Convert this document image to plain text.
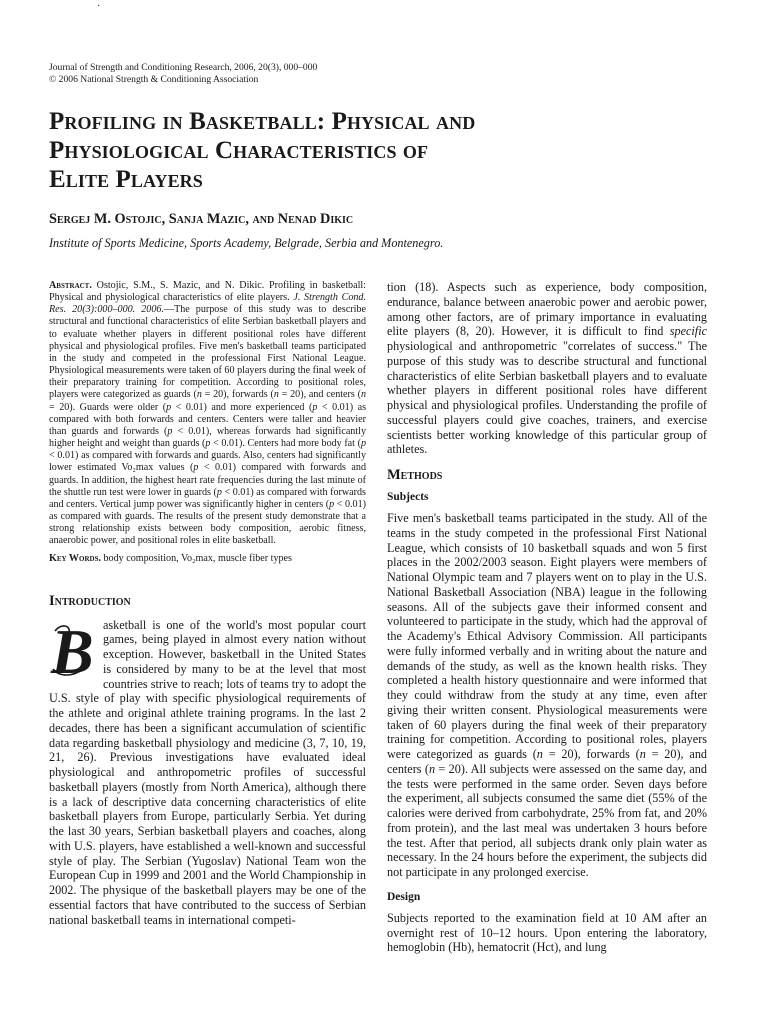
·
Journal of Strength and Conditioning Research, 2006, 20(3), 000–000
© 2006 National Strength & Conditioning Association
Profiling in Basketball: Physical and
Physiological Characteristics of
Elite Players
Sergej M. Ostojic, Sanja Mazic, and Nenad Dikic
Institute of Sports Medicine, Sports Academy, Belgrade, Serbia and Montenegro.

Abstract. Ostojic, S.M., S. Mazic, and N. Dikic. Profiling in basketball: Physical and physiological characteristics of elite players. J. Strength Cond. Res. 20(3):000–000. 2006.—The purpose of this study was to describe structural and functional characteristics of elite Serbian basketball players and to evaluate whether players in different positional roles have different physical and physiological profiles. Five men's basketball teams participated in the study and competed in the professional First National League. Physiological measurements were taken of 60 players during the final week of their preparatory training for competition. According to positional roles, players were categorized as guards (n = 20), forwards (n = 20), and centers (n = 20). Guards were older (p < 0.01) and more experienced (p < 0.01) as compared with both forwards and centers. Centers were taller and heavier than guards and forwards (p < 0.01), whereas forwards had significantly higher height and weight than guards (p < 0.01). Centers had more body fat (p < 0.01) as compared with forwards and guards. Also, centers had significantly lower estimated Vo₂max values (p < 0.01) compared with forwards and guards. In addition, the highest heart rate frequencies during the last minute of the shuttle run test were lower in guards (p < 0.01) as compared with forwards and centers. Vertical jump power was significantly higher in centers (p < 0.01) as compared with guards. The results of the present study demonstrate that a strong relationship exists between body composition, aerobic fitness, anaerobic power, and positional roles in elite basketball.

Key Words. body composition, Vo₂max, muscle fiber types

Introduction

B asketball is one of the world's most popular court games, being played in almost every nation without exception. However, basketball in the United States is considered by many to be at the level that most countries strive to reach; lots of teams try to adopt the U.S. style of play with specific physiological requirements of the athlete and original athlete training programs. In the last 2 decades, there has been a significant accumulation of scientific data regarding basketball physiology and medicine (3, 7, 10, 19, 21, 26). Previous investigations have evaluated ideal physiological and anthropometric profiles of successful basketball players (mostly from North America), although there is a lack of descriptive data concerning characteristics of elite basketball players from Europe, particularly Serbia. Yet during the last 30 years, Serbian basketball players and coaches, along with U.S. players, have established a well-known and successful style of play. The Serbian (Yugoslav) National Team won the European Cup in 1999 and 2001 and the World Championship in 2002. The physique of the basketball players may be one of the essential factors that have contributed to the success of Serbian national basketball teams in international competi-

tion (18). Aspects such as experience, body composition, endurance, balance between anaerobic power and aerobic power, among other factors, are of primary importance in evaluating elite players (8, 20). However, it is difficult to find specific physiological and anthropometric "correlates of success." The purpose of this study was to describe structural and functional characteristics of elite Serbian basketball players and to evaluate whether players in different positional roles have different physical and physiological profiles. Understanding the profile of successful players could give coaches, trainers, and exercise scientists better working knowledge of this particular group of athletes.

Methods
Subjects

Five men's basketball teams participated in the study. All of the teams in the study competed in the professional First National League, which consists of 10 basketball squads and won 5 first places in the 2002/2003 season. Eight players were members of National Olympic team and 7 players went on to play in the U.S. National Basketball Association (NBA) league in the following seasons. All of the subjects gave their informed consent and volunteered to participate in the study, which had the approval of the Academy's Ethical Advisory Commission. All participants were fully informed verbally and in writing about the nature and demands of the study, as well as the known health risks. They completed a health history questionnaire and were informed that they could withdraw from the study at any time, even after giving their written consent. Physiological measurements were taken of 60 players during the final week of their preparatory training for competition. According to positional roles, players were categorized as guards (n = 20), forwards (n = 20), and centers (n = 20). All subjects were assessed on the same day, and the tests were performed in the same order. Seven days before the experiment, all subjects consumed the same diet (55% of the calories were derived from carbohydrate, 25% from fat, and 20% from protein), and the last meal was undertaken 3 hours before the test. After that period, all subjects drank only plain water as necessary. In the 24 hours before the experiment, the subjects did not participate in any prolonged exercise.

Design

Subjects reported to the examination field at 10 AM after an overnight rest of 10–12 hours. Upon entering the laboratory, hemoglobin (Hb), hematocrit (Hct), and lung
